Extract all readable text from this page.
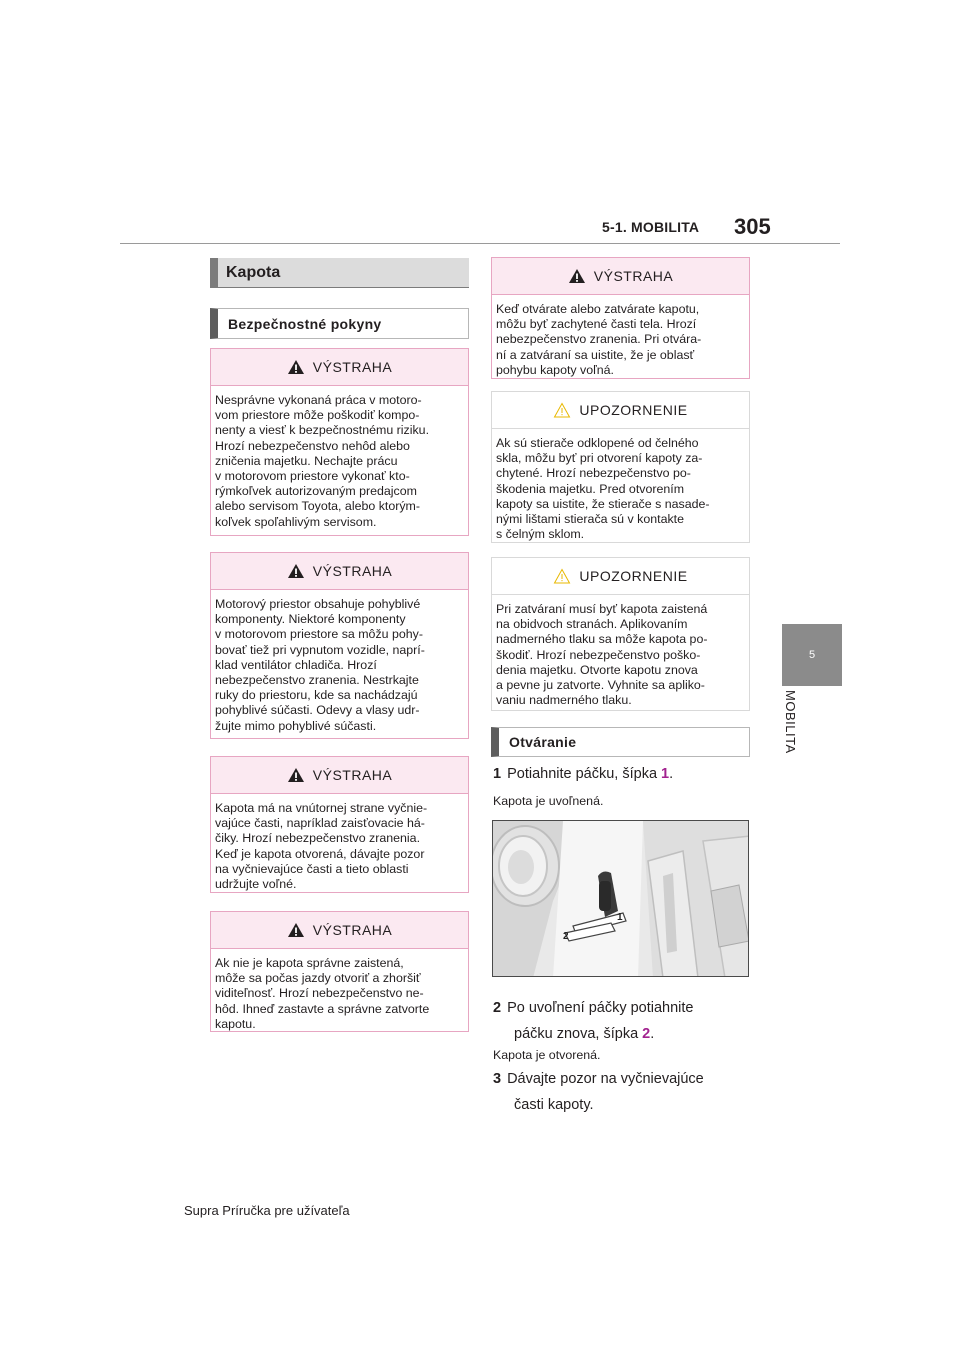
5-1. MOBILITA 305
5
MOBILITA
Kapota
Bezpečnostné pokyny
VÝSTRAHA
Nesprávne vykonaná práca v motoro-
vom priestore môže poškodiť kompo-
nenty a viesť k bezpečnostnému riziku.
Hrozí nebezpečenstvo nehôd alebo
zničenia majetku. Nechajte prácu
v motorovom priestore vykonať kto-
rýmkoľvek autorizovaným predajcom
alebo servisom Toyota, alebo ktorým-
koľvek spoľahlivým servisom.
VÝSTRAHA
Motorový priestor obsahuje pohyblivé
komponenty. Niektoré komponenty
v motorovom priestore sa môžu pohy-
bovať tiež pri vypnutom vozidle, naprí-
klad ventilátor chladiča. Hrozí
nebezpečenstvo zranenia. Nestrkajte
ruky do priestoru, kde sa nachádzajú
pohyblivé súčasti. Odevy a vlasy udr-
žujte mimo pohyblivé súčasti.
VÝSTRAHA
Kapota má na vnútornej strane vyčnie-
vajúce časti, napríklad zaisťovacie há-
čiky. Hrozí nebezpečenstvo zranenia.
Keď je kapota otvorená, dávajte pozor
na vyčnievajúce časti a tieto oblasti
udržujte voľné.
VÝSTRAHA
Ak nie je kapota správne zaistená,
môže sa počas jazdy otvoriť a zhoršiť
viditeľnosť. Hrozí nebezpečenstvo ne-
hôd. Ihneď zastavte a správne zatvorte
kapotu.
VÝSTRAHA
Keď otvárate alebo zatvárate kapotu,
môžu byť zachytené časti tela. Hrozí
nebezpečenstvo zranenia. Pri otvára-
ní a zatváraní sa uistite, že je oblasť
pohybu kapoty voľná.
UPOZORNENIE
Ak sú stierače odklopené od čelného
skla, môžu byť pri otvorení kapoty za-
chytené. Hrozí nebezpečenstvo po-
škodenia majetku. Pred otvorením
kapoty sa uistite, že stierače s nasade-
nými lištami stierača sú v kontakte
s čelným sklom.
UPOZORNENIE
Pri zatváraní musí byť kapota zaistená
na obidvoch stranách. Aplikovaním
nadmerného tlaku sa môže kapota po-
škodiť. Hrozí nebezpečenstvo poško-
denia majetku. Otvorte kapotu znova
a pevne ju zatvorte. Vyhnite sa apliko-
vaniu nadmerného tlaku.
Otváranie
1 Potiahnite páčku, šípka 1.
Kapota je uvoľnená.
1
2
2 Po uvoľnení páčky potiahnite
páčku znova, šípka 2.
Kapota je otvorená.
3 Dávajte pozor na vyčnievajúce
časti kapoty.
Supra Príručka pre užívateľa
